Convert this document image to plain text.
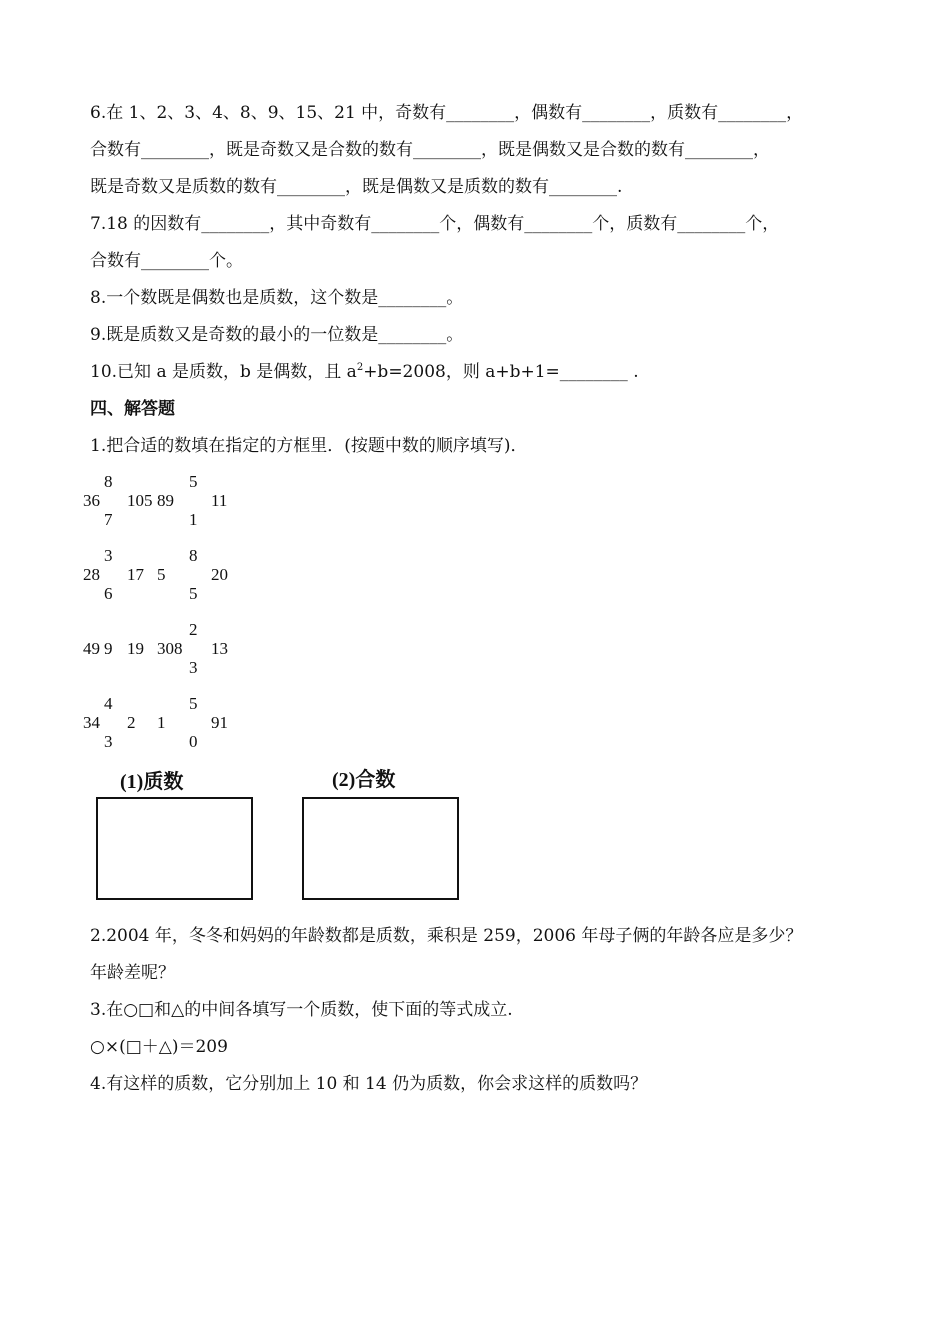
6.在 1、2、3、4、8、9、15、21 中，奇数有________，偶数有________，质数有________，
合数有________，既是奇数又是合数的数有________，既是偶数又是合数的数有________，
既是奇数又是质数的数有________，既是偶数又是质数的数有________.
7.18 的因数有________，其中奇数有________个，偶数有________个，质数有________个，
合数有________个。
8.一个数既是偶数也是质数，这个数是________。
9.既是质数又是奇数的最小的一位数是________。
10.已知 a 是质数，b 是偶数，且 $a^2+b=2008$，则 a+b+1=________ .
四、解答题
1.把合适的数填在指定的方框里．(按题中数的顺序填写)．
8
36
7
105 89
5
1
11
3
28
6
17 5
8
5
20
49 9 19 308
2
3
13
4
34
3
2 1
5
0
91
(1)质数	(2)合数
2.2004 年，冬冬和妈妈的年龄数都是质数，乘积是 259，2006 年母子俩的年龄各应是多少？
年龄差呢？
3.在○□和△的中间各填写一个质数，使下面的等式成立.
○×(□＋△)＝209
4.有这样的质数，它分别加上 10 和 14 仍为质数，你会求这样的质数吗？
